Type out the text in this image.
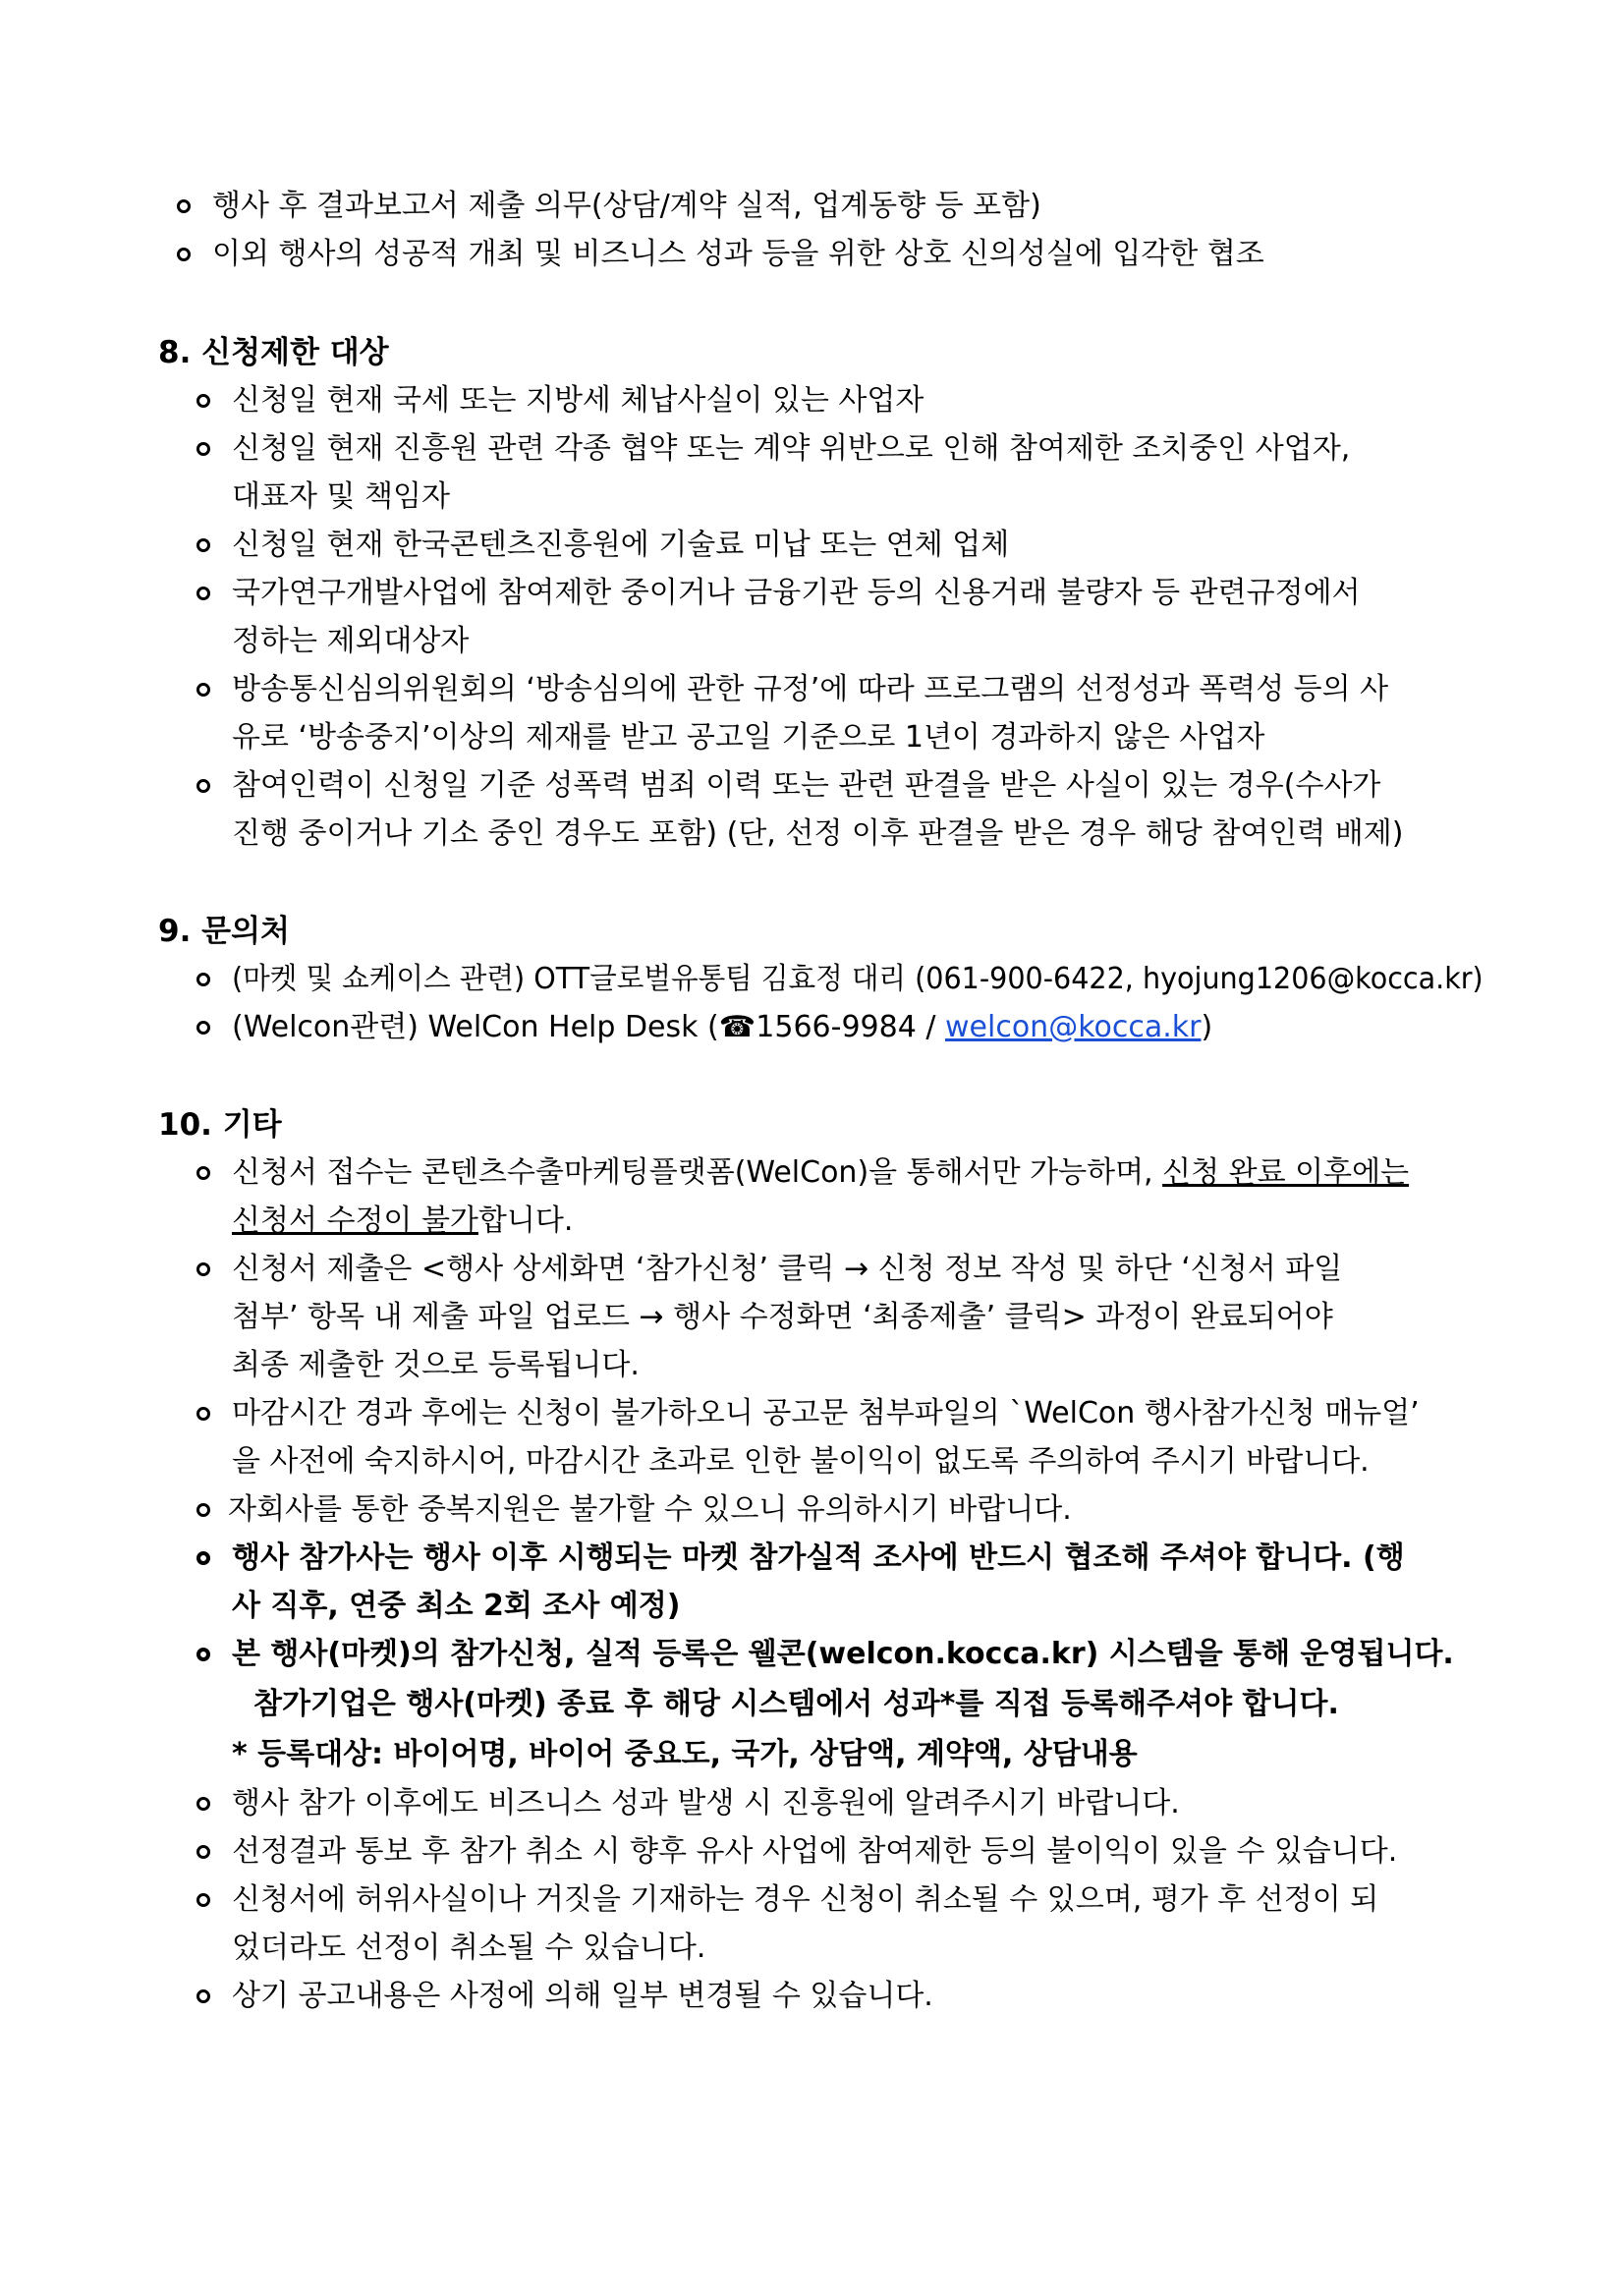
행사 후 결과보고서 제출 의무(상담/계약 실적, 업계동향 등 포함)
이외 행사의 성공적 개최 및 비즈니스 성과 등을 위한 상호 신의성실에 입각한 협조
8. 신청제한 대상
신청일 현재 국세 또는 지방세 체납사실이 있는 사업자
신청일 현재 진흥원 관련 각종 협약 또는 계약 위반으로 인해 참여제한 조치중인 사업자,
대표자 및 책임자
신청일 현재 한국콘텐츠진흥원에 기술료 미납 또는 연체 업체
국가연구개발사업에 참여제한 중이거나 금융기관 등의 신용거래 불량자 등 관련규정에서
정하는 제외대상자
방송통신심의위원회의 ‘방송심의에 관한 규정’에 따라 프로그램의 선정성과 폭력성 등의 사
유로 ‘방송중지’이상의 제재를 받고 공고일 기준으로 1년이 경과하지 않은 사업자
참여인력이 신청일 기준 성폭력 범죄 이력 또는 관련 판결을 받은 사실이 있는 경우(수사가
진행 중이거나 기소 중인 경우도 포함) (단, 선정 이후 판결을 받은 경우 해당 참여인력 배제)
9. 문의처
(마켓 및 쇼케이스 관련) OTT글로벌유통팀 김효정 대리 (061-900-6422, hyojung1206@kocca.kr)
(Welcon관련) WelCon Help Desk (☎ 1566-9984 / welcon@kocca.kr)
10. 기타
신청서 접수는 콘텐츠수출마케팅플랫폼(WelCon)을 통해서만 가능하며, 신청 완료 이후에는
신청서 수정이 불가합니다.
신청서 제출은 <행사 상세화면 ‘참가신청’ 클릭 → 신청 정보 작성 및 하단 ‘신청서 파일
첨부’ 항목 내 제출 파일 업로드 → 행사 수정화면 ‘최종제출’ 클릭> 과정이 완료되어야
최종 제출한 것으로 등록됩니다.
마감시간 경과 후에는 신청이 불가하오니 공고문 첨부파일의 `WelCon 행사참가신청 매뉴얼’
을 사전에 숙지하시어, 마감시간 초과로 인한 불이익이 없도록 주의하여 주시기 바랍니다.
자회사를 통한 중복지원은 불가할 수 있으니 유의하시기 바랍니다.
행사 참가사는 행사 이후 시행되는 마켓 참가실적 조사에 반드시 협조해 주셔야 합니다. (행
사 직후, 연중 최소 2회 조사 예정)
본 행사(마켓)의 참가신청, 실적 등록은 웰콘(welcon.kocca.kr) 시스템을 통해 운영됩니다.
참가기업은 행사(마켓) 종료 후 해당 시스템에서 성과*를 직접 등록해주셔야 합니다.
* 등록대상: 바이어명, 바이어 중요도, 국가, 상담액, 계약액, 상담내용
행사 참가 이후에도 비즈니스 성과 발생 시 진흥원에 알려주시기 바랍니다.
선정결과 통보 후 참가 취소 시 향후 유사 사업에 참여제한 등의 불이익이 있을 수 있습니다.
신청서에 허위사실이나 거짓을 기재하는 경우 신청이 취소될 수 있으며, 평가 후 선정이 되
었더라도 선정이 취소될 수 있습니다.
상기 공고내용은 사정에 의해 일부 변경될 수 있습니다.
